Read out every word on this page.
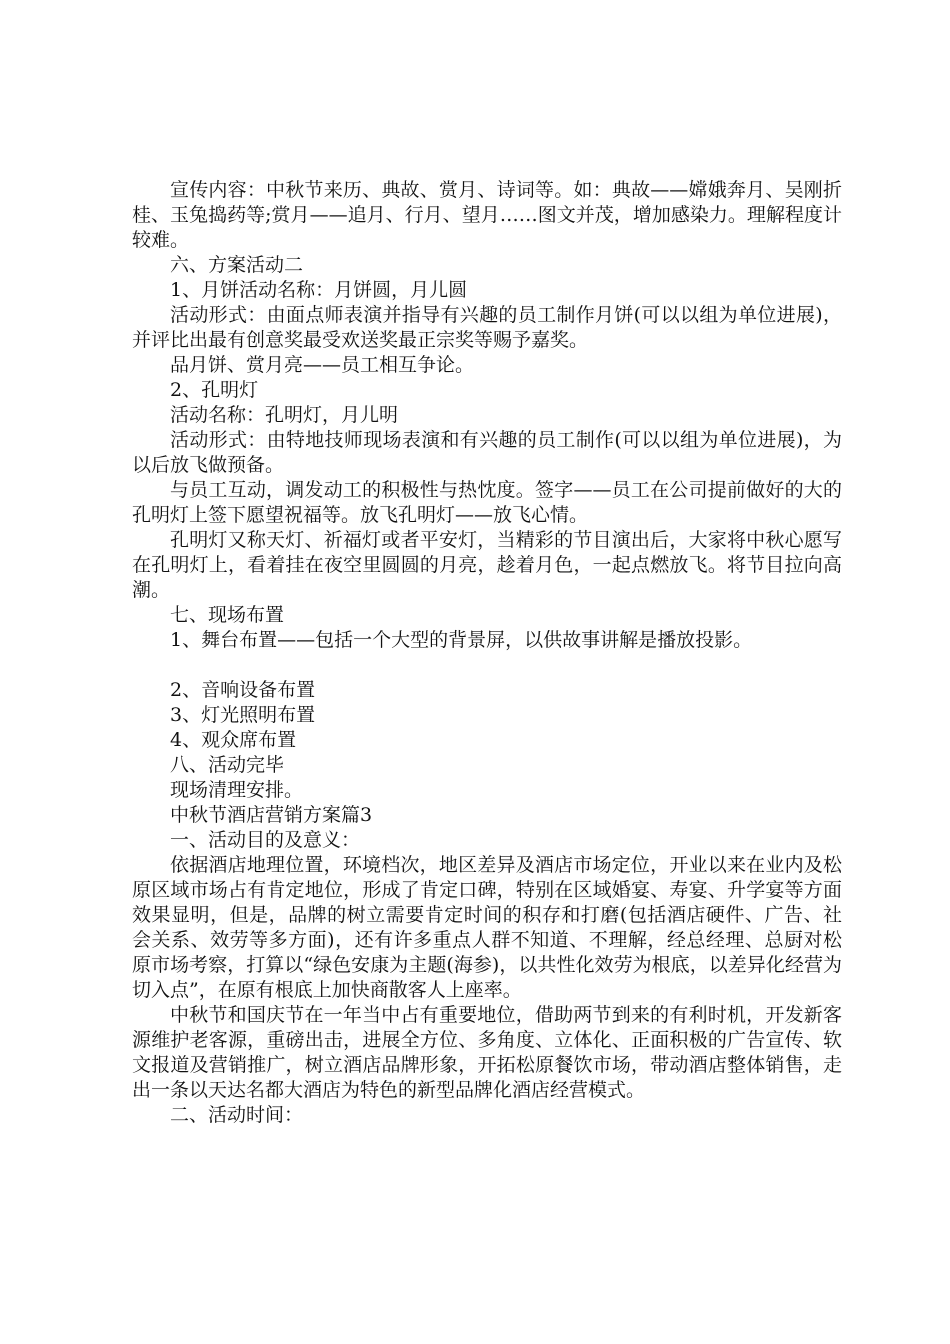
宣传内容：中秋节来历、典故、赏月、诗词等。如：典故——嫦娥奔月、吴刚折桂、玉兔捣药等;赏月——追月、行月、望月……图文并茂，增加感染力。理解程度计较难。

六、方案活动二

1、月饼活动名称：月饼圆，月儿圆

活动形式：由面点师表演并指导有兴趣的员工制作月饼(可以以组为单位进展)，并评比出最有创意奖最受欢送奖最正宗奖等赐予嘉奖。

品月饼、赏月亮——员工相互争论。

2、孔明灯

活动名称：孔明灯，月儿明

活动形式：由特地技师现场表演和有兴趣的员工制作(可以以组为单位进展)，为以后放飞做预备。

与员工互动，调发动工的积极性与热忱度。签字——员工在公司提前做好的大的孔明灯上签下愿望祝福等。放飞孔明灯——放飞心情。

孔明灯又称天灯、祈福灯或者平安灯，当精彩的节目演出后，大家将中秋心愿写在孔明灯上，看着挂在夜空里圆圆的月亮，趁着月色，一起点燃放飞。将节目拉向高潮。

七、现场布置

1、舞台布置——包括一个大型的背景屏，以供故事讲解是播放投影。

2、音响设备布置

3、灯光照明布置

4、观众席布置

八、活动完毕

现场清理安排。

中秋节酒店营销方案篇3

一、活动目的及意义：

依据酒店地理位置，环境档次，地区差异及酒店市场定位，开业以来在业内及松原区域市场占有肯定地位，形成了肯定口碑，特别在区域婚宴、寿宴、升学宴等方面效果显明，但是，品牌的树立需要肯定时间的积存和打磨(包括酒店硬件、广告、社会关系、效劳等多方面)，还有许多重点人群不知道、不理解，经总经理、总厨对松原市场考察，打算以“绿色安康为主题(海参)，以共性化效劳为根底，以差异化经营为切入点”，在原有根底上加快商散客人上座率。

中秋节和国庆节在一年当中占有重要地位，借助两节到来的有利时机，开发新客源维护老客源，重磅出击，进展全方位、多角度、立体化、正面积极的广告宣传、软文报道及营销推广，树立酒店品牌形象，开拓松原餐饮市场，带动酒店整体销售，走出一条以天达名都大酒店为特色的新型品牌化酒店经营模式。

二、活动时间：
